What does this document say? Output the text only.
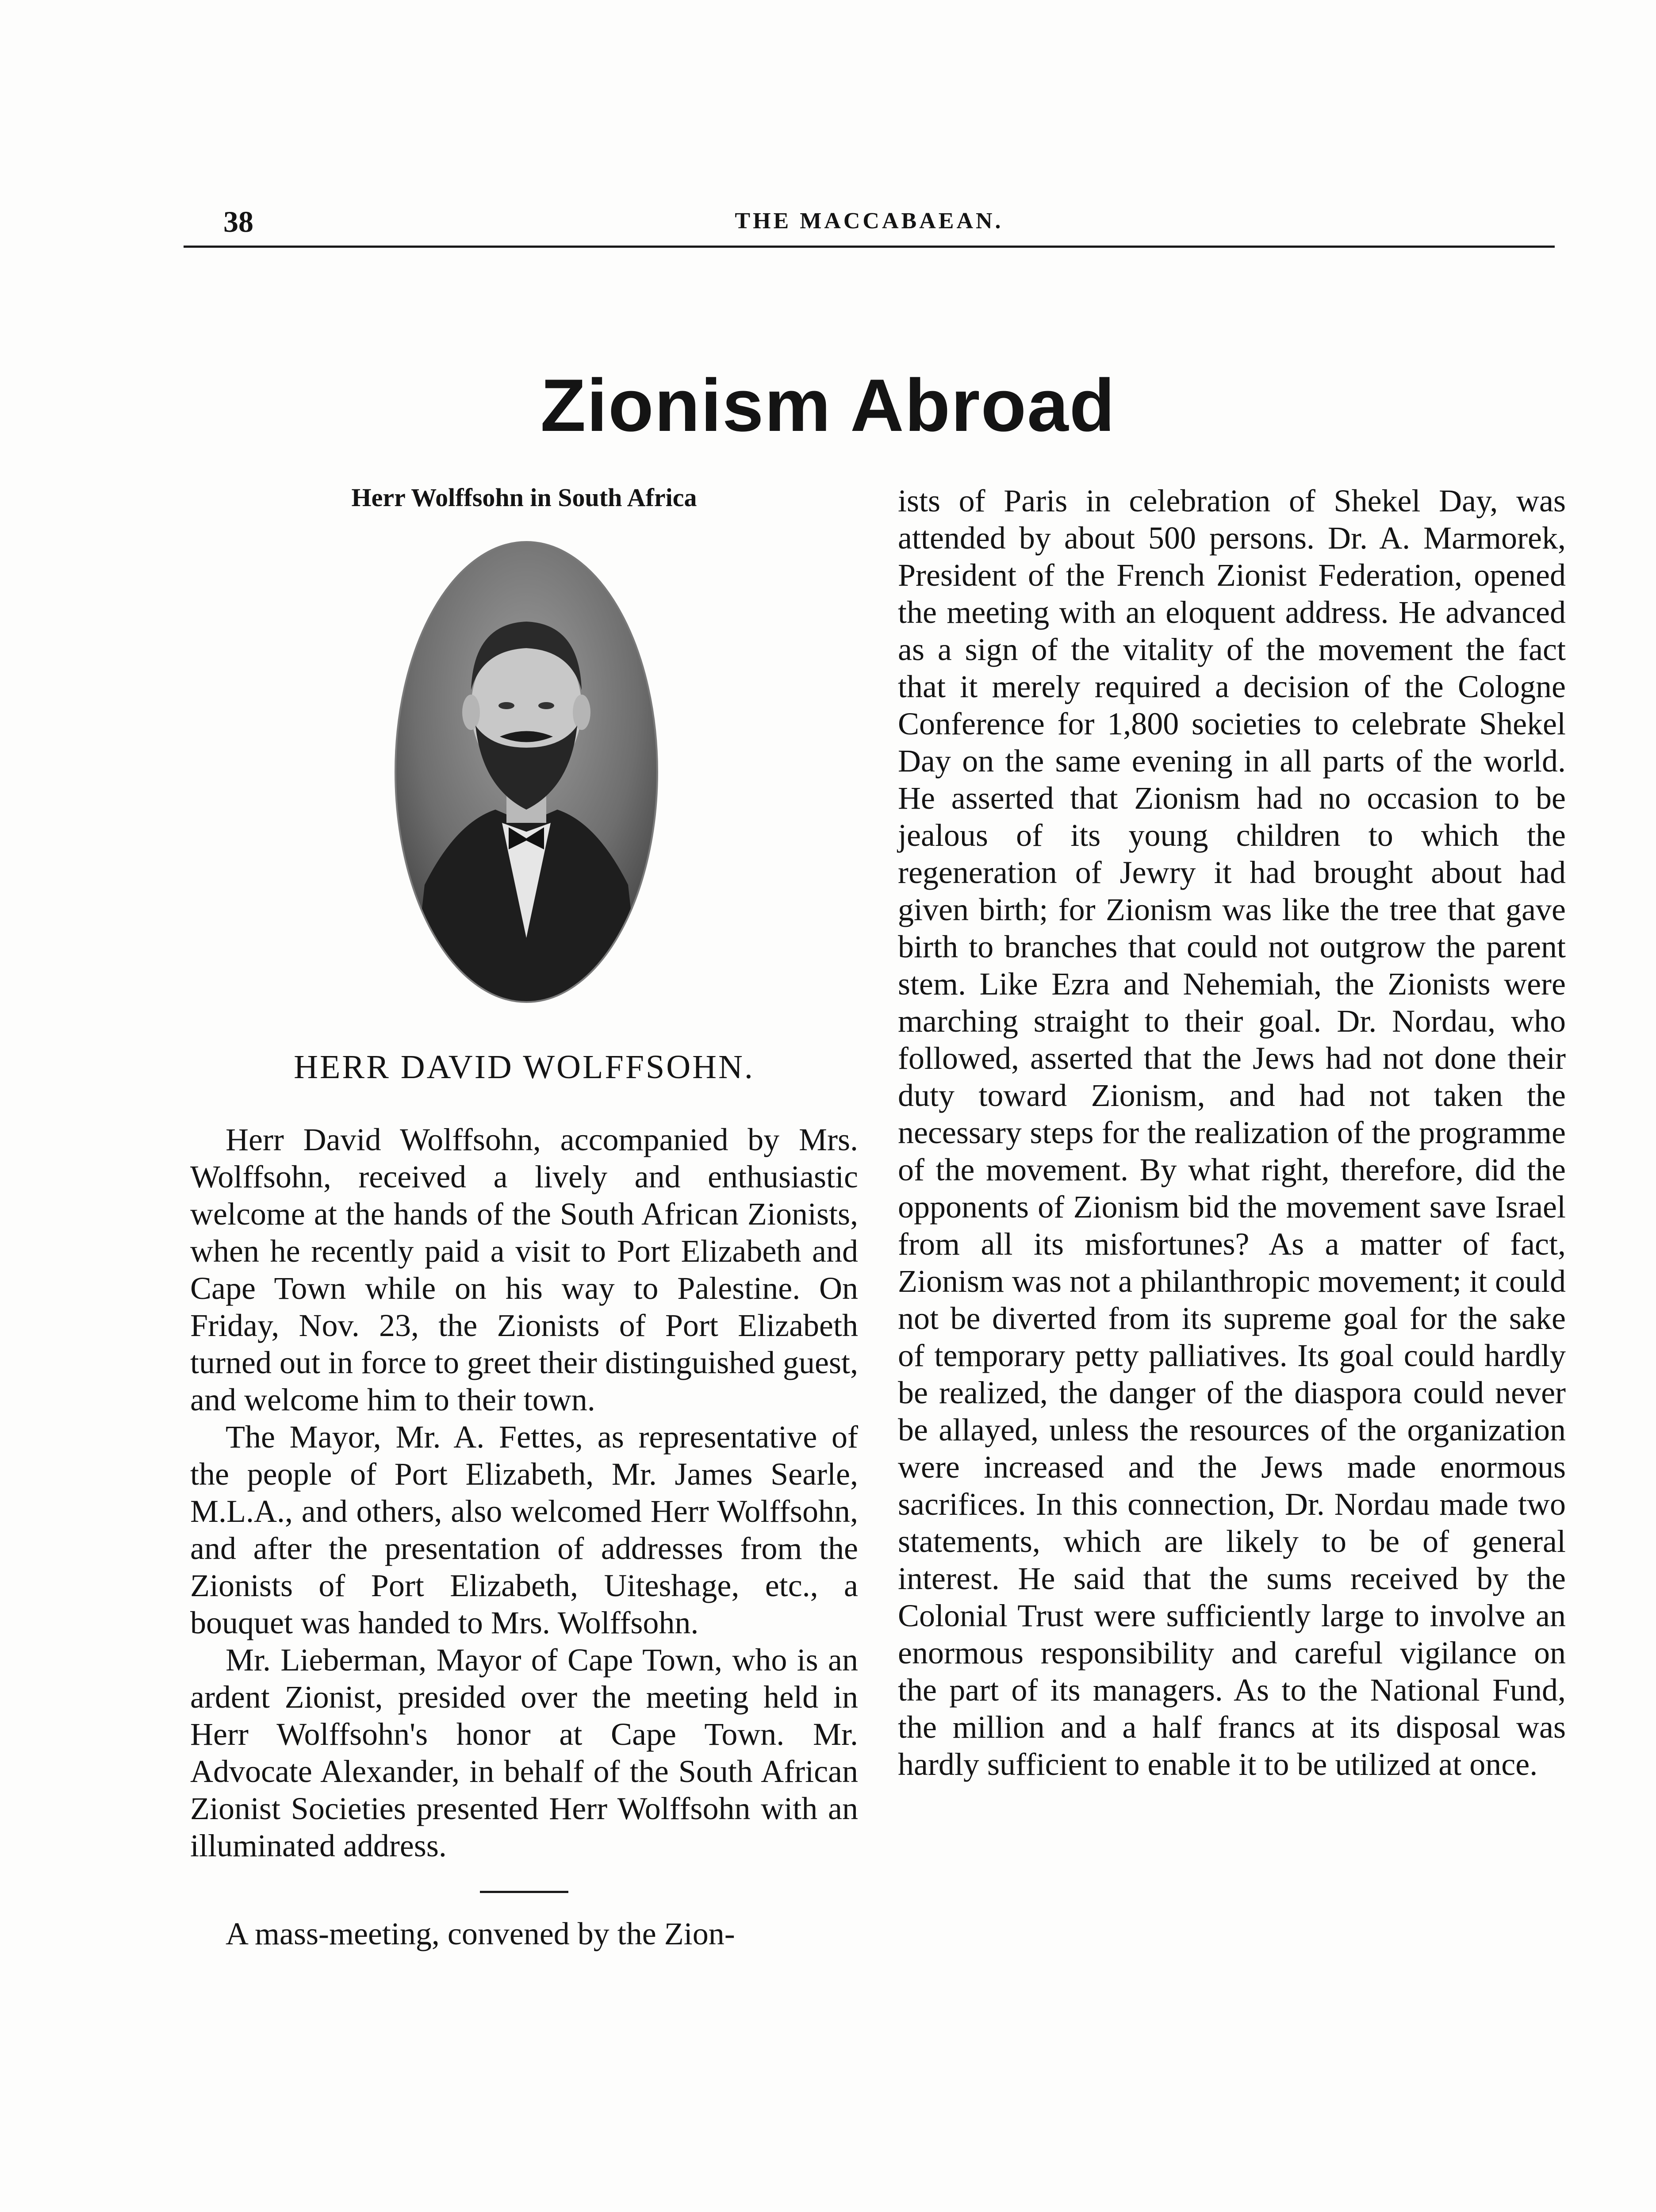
38	THE MACCABAEAN.
Zionism Abroad
Herr Wolffsohn in South Africa
HERR DAVID WOLFFSOHN.

Herr David Wolffsohn, accompanied by Mrs. Wolffsohn, received a lively and enthusiastic welcome at the hands of the South African Zionists, when he recently paid a visit to Port Elizabeth and Cape Town while on his way to Palestine. On Friday, Nov. 23, the Zionists of Port Elizabeth turned out in force to greet their distinguished guest, and welcome him to their town.

The Mayor, Mr. A. Fettes, as representative of the people of Port Elizabeth, Mr. James Searle, M.L.A., and others, also welcomed Herr Wolffsohn, and after the presentation of addresses from the Zionists of Port Elizabeth, Uiteshage, etc., a bouquet was handed to Mrs. Wolffsohn.

Mr. Lieberman, Mayor of Cape Town, who is an ardent Zionist, presided over the meeting held in Herr Wolffsohn's honor at Cape Town. Mr. Advocate Alexander, in behalf of the South African Zionist Societies presented Herr Wolffsohn with an illuminated address.

A mass-meeting, convened by the Zion-

ists of Paris in celebration of Shekel Day, was attended by about 500 persons. Dr. A. Marmorek, President of the French Zionist Federation, opened the meeting with an eloquent address. He advanced as a sign of the vitality of the movement the fact that it merely required a decision of the Cologne Conference for 1,800 societies to celebrate Shekel Day on the same evening in all parts of the world. He asserted that Zionism had no occasion to be jealous of its young children to which the regeneration of Jewry it had brought about had given birth; for Zionism was like the tree that gave birth to branches that could not outgrow the parent stem. Like Ezra and Nehemiah, the Zionists were marching straight to their goal. Dr. Nordau, who followed, asserted that the Jews had not done their duty toward Zionism, and had not taken the necessary steps for the realization of the programme of the movement. By what right, therefore, did the opponents of Zionism bid the movement save Israel from all its misfortunes? As a matter of fact, Zionism was not a philanthropic movement; it could not be diverted from its supreme goal for the sake of temporary petty palliatives. Its goal could hardly be realized, the danger of the diaspora could never be allayed, unless the resources of the organization were increased and the Jews made enormous sacrifices. In this connection, Dr. Nordau made two statements, which are likely to be of general interest. He said that the sums received by the Colonial Trust were sufficiently large to involve an enormous responsibility and careful vigilance on the part of its managers. As to the National Fund, the million and a half francs at its disposal was hardly sufficient to enable it to be utilized at once.
